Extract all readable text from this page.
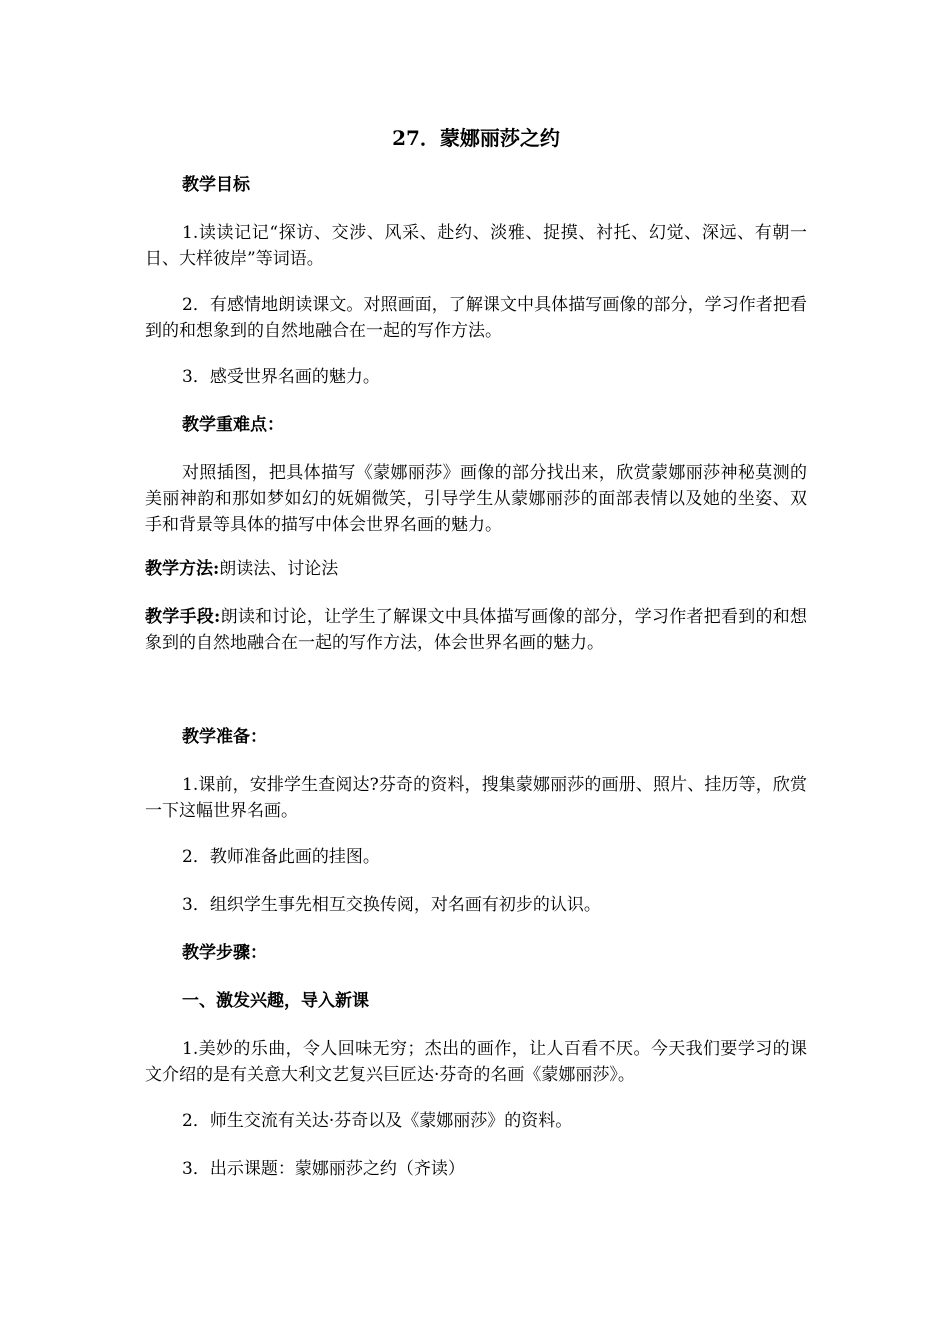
27．蒙娜丽莎之约
教学目标
1.读读记记“探访、交涉、风采、赴约、淡雅、捉摸、衬托、幻觉、深远、有朝一日、大样彼岸”等词语。
2．有感情地朗读课文。对照画面，了解课文中具体描写画像的部分，学习作者把看到的和想象到的自然地融合在一起的写作方法。
3．感受世界名画的魅力。
教学重难点：
对照插图，把具体描写《蒙娜丽莎》画像的部分找出来，欣赏蒙娜丽莎神秘莫测的美丽神韵和那如梦如幻的妩媚微笑，引导学生从蒙娜丽莎的面部表情以及她的坐姿、双手和背景等具体的描写中体会世界名画的魅力。
教学方法:朗读法、讨论法
教学手段:朗读和讨论，让学生了解课文中具体描写画像的部分，学习作者把看到的和想象到的自然地融合在一起的写作方法，体会世界名画的魅力。
教学准备：
1.课前，安排学生查阅达?芬奇的资料，搜集蒙娜丽莎的画册、照片、挂历等，欣赏一下这幅世界名画。
2．教师准备此画的挂图。
3．组织学生事先相互交换传阅，对名画有初步的认识。
教学步骤：
一、激发兴趣，导入新课
1.美妙的乐曲，令人回味无穷；杰出的画作，让人百看不厌。今天我们要学习的课文介绍的是有关意大利文艺复兴巨匠达·芬奇的名画《蒙娜丽莎》。
2．师生交流有关达·芬奇以及《蒙娜丽莎》的资料。
3．出示课题：蒙娜丽莎之约（齐读）
